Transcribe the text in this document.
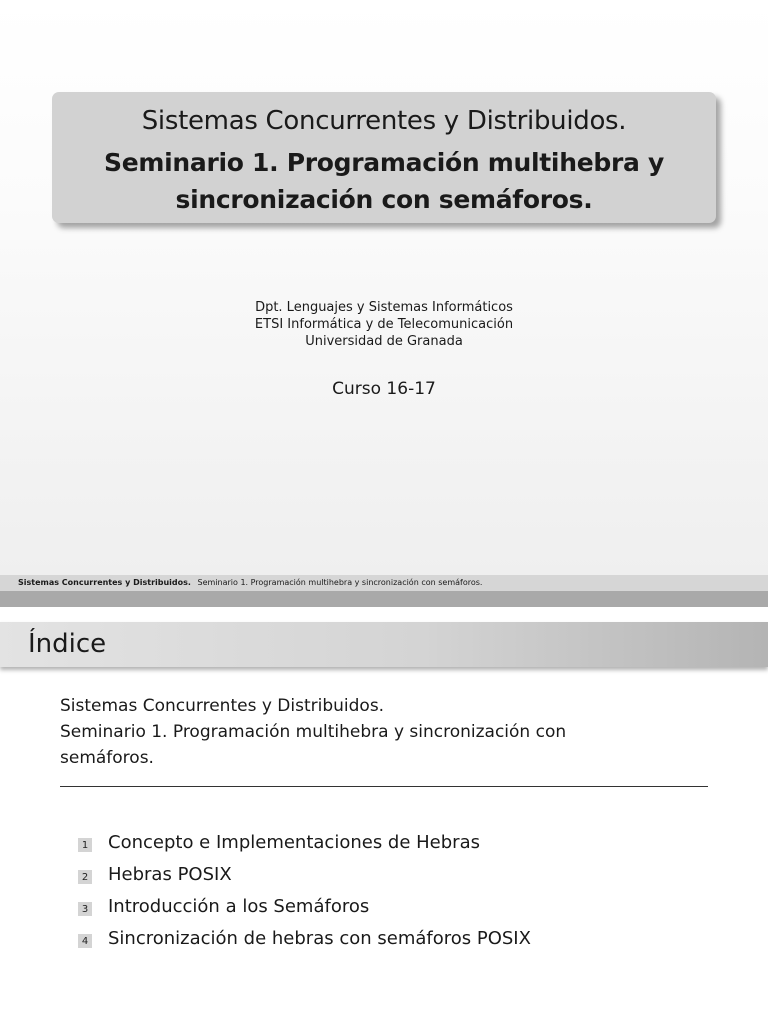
Sistemas Concurrentes y Distribuidos.
Seminario 1. Programación multihebra y
sincronización con semáforos.
Dpt. Lenguajes y Sistemas Informáticos
ETSI Informática y de Telecomunicación
Universidad de Granada
Curso 16-17
Sistemas Concurrentes y Distribuidos. Seminario 1. Programación multihebra y sincronización con semáforos.
Índice
Sistemas Concurrentes y Distribuidos.
Seminario 1. Programación multihebra y sincronización con
semáforos.
1 Concepto e Implementaciones de Hebras
2 Hebras POSIX
3 Introducción a los Semáforos
4 Sincronización de hebras con semáforos POSIX
